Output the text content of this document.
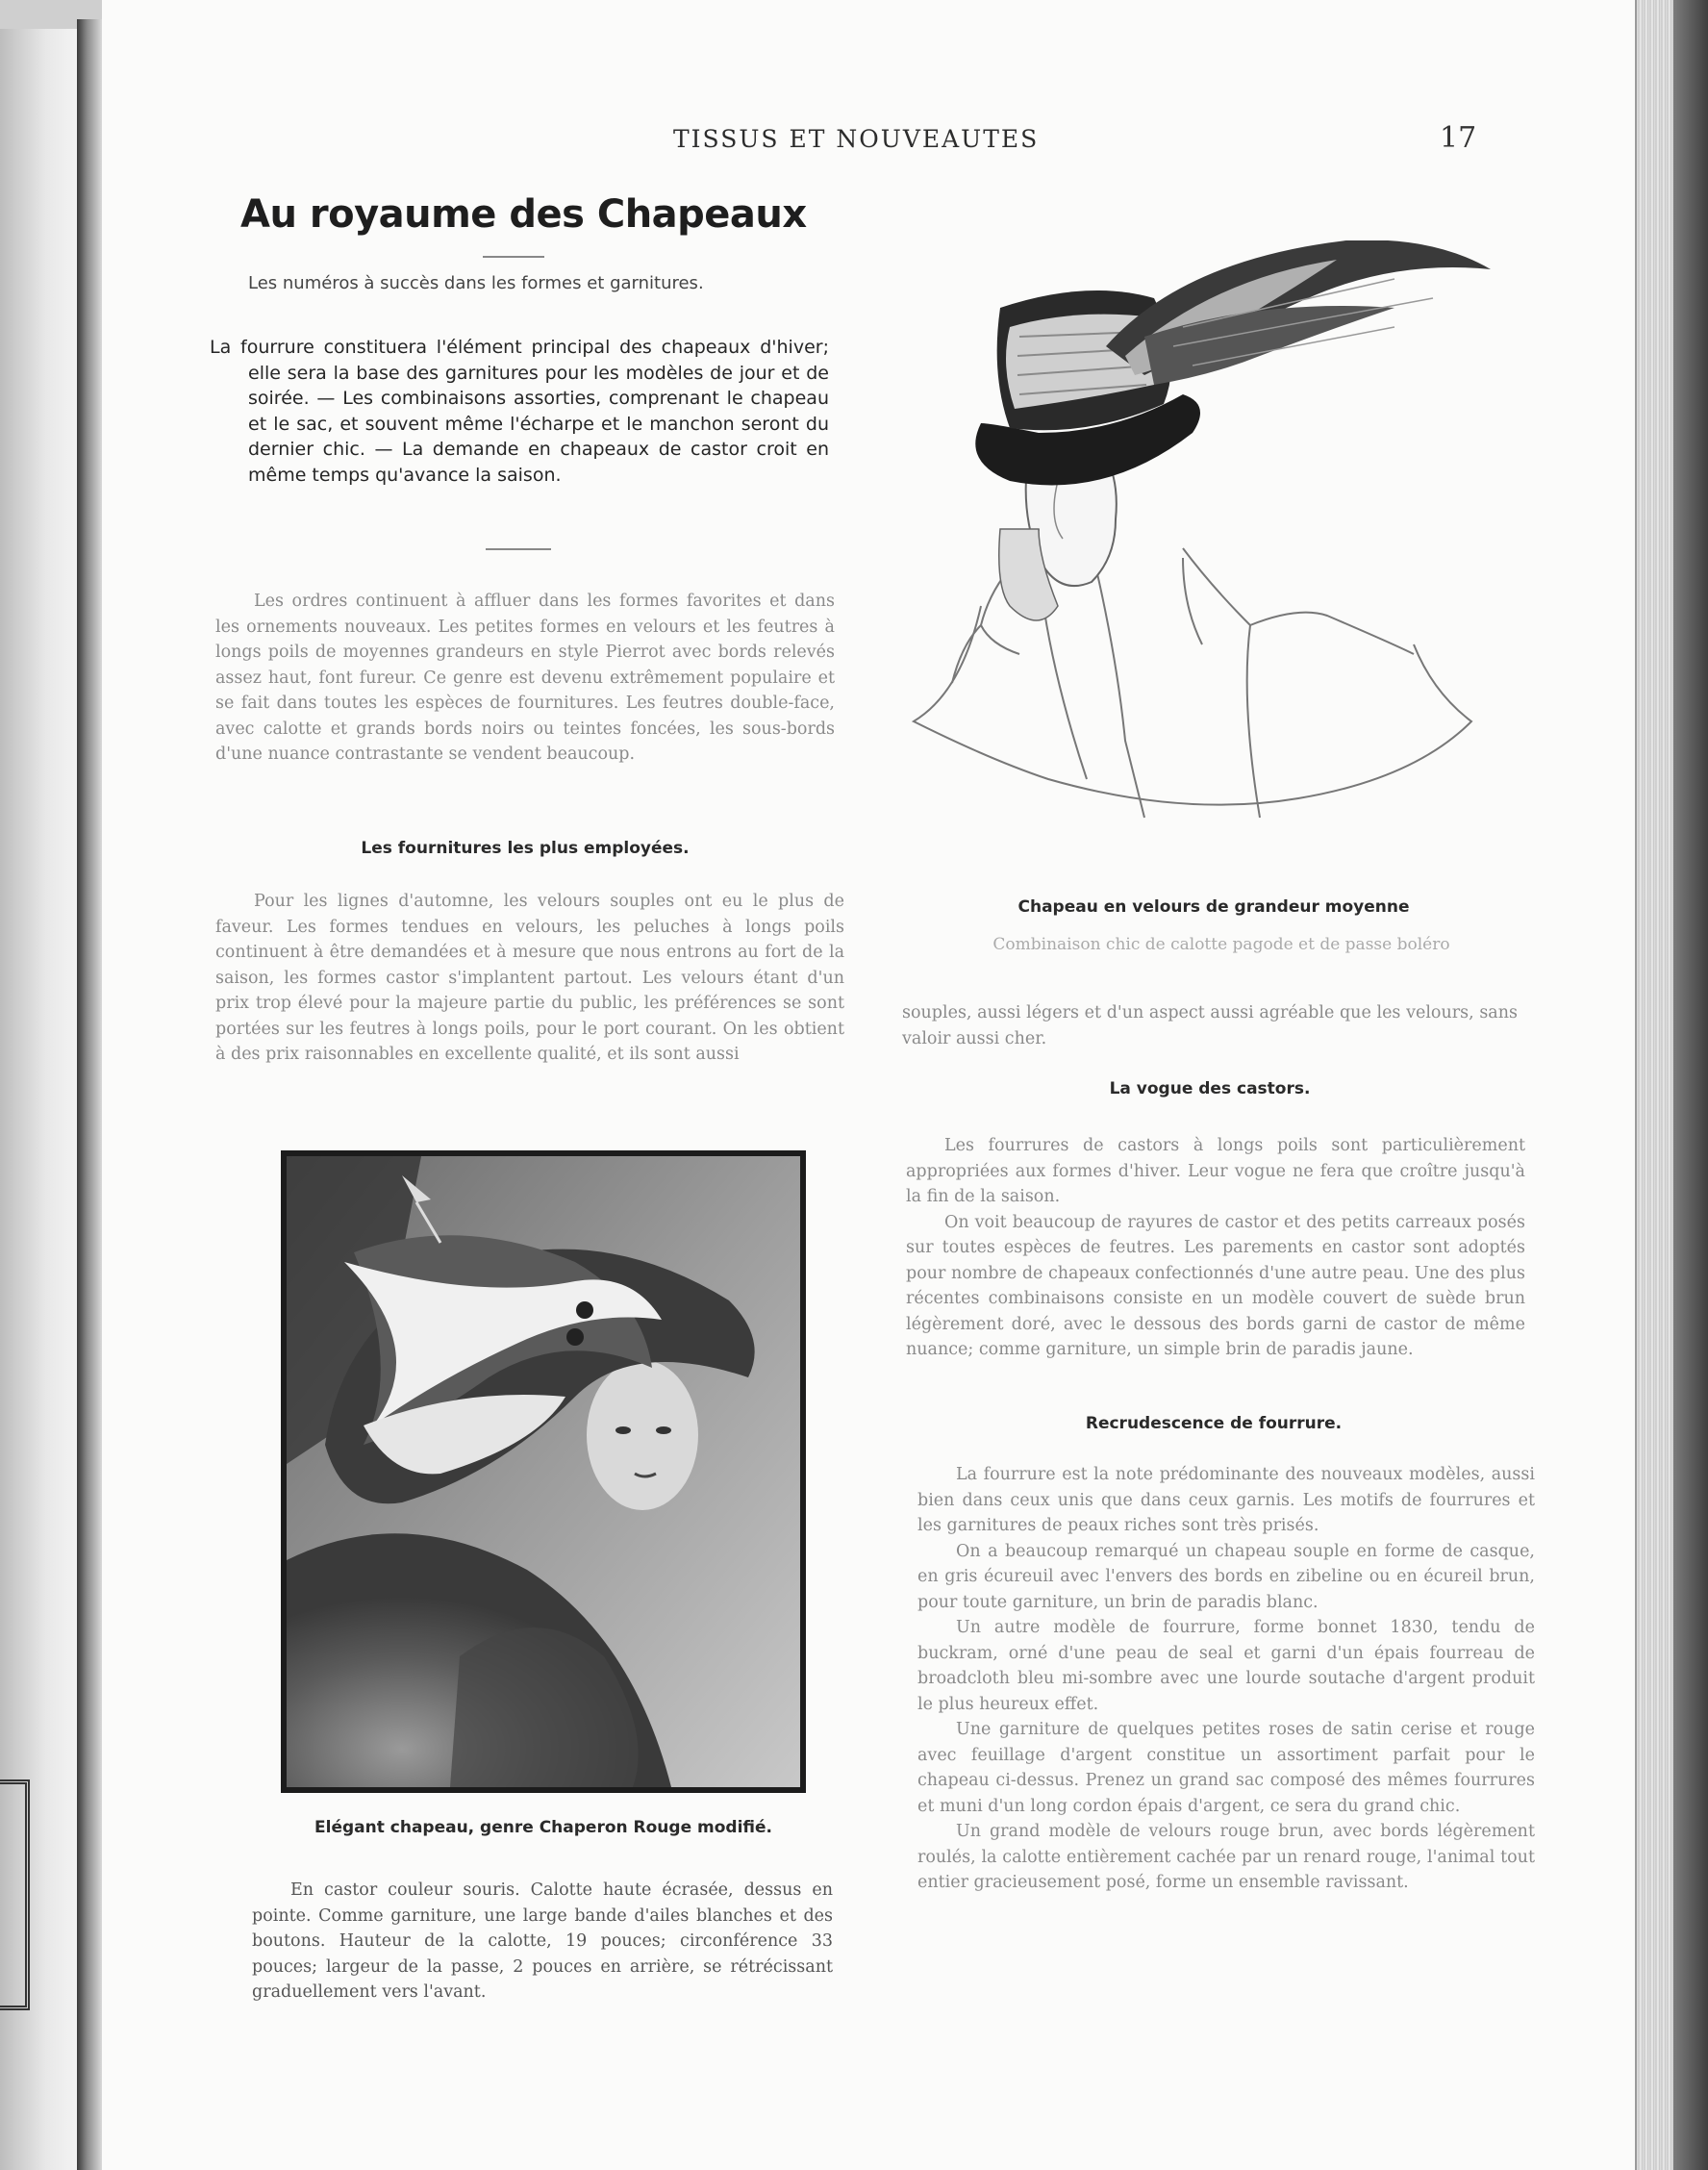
TISSUS ET NOUVEAUTES	17
Au royaume des Chapeaux
Les numéros à succès dans les formes et garnitures.
La fourrure constituera l'élément principal des chapeaux d'hiver; elle sera la base des garnitures pour les modèles de jour et de soirée. — Les combinaisons assorties, comprenant le chapeau et le sac, et souvent même l'écharpe et le manchon seront du dernier chic. — La demande en chapeaux de castor croit en même temps qu'avance la saison.

Les ordres continuent à affluer dans les formes favorites et dans les ornements nouveaux. Les petites formes en velours et les feutres à longs poils de moyennes grandeurs en style Pierrot avec bords relevés assez haut, font fureur. Ce genre est devenu extrêmement populaire et se fait dans toutes les espèces de fournitures. Les feutres double-face, avec calotte et grands bords noirs ou teintes foncées, les sous-bords d'une nuance contrastante se vendent beaucoup.

Les fournitures les plus employées.

Pour les lignes d'automne, les velours souples ont eu le plus de faveur. Les formes tendues en velours, les peluches à longs poils continuent à être demandées et à mesure que nous entrons au fort de la saison, les formes castor s'implantent partout. Les velours étant d'un prix trop élevé pour la majeure partie du public, les préférences se sont portées sur les feutres à longs poils, pour le port courant. On les obtient à des prix raisonnables en excellente qualité, et ils sont aussi

Elégant chapeau, genre Chaperon Rouge modifié.

En castor couleur souris. Calotte haute écrasée, dessus en pointe. Comme garniture, une large bande d'ailes blanches et des boutons. Hauteur de la calotte, 19 pouces; circonférence 33 pouces; largeur de la passe, 2 pouces en arrière, se rétrécissant graduellement vers l'avant.

Chapeau en velours de grandeur moyenne
Combinaison chic de calotte pagode et de passe boléro

souples, aussi légers et d'un aspect aussi agréable que les velours, sans valoir aussi cher.

La vogue des castors.

Les fourrures de castors à longs poils sont particulièrement appropriées aux formes d'hiver. Leur vogue ne fera que croître jusqu'à la fin de la saison.

On voit beaucoup de rayures de castor et des petits carreaux posés sur toutes espèces de feutres. Les parements en castor sont adoptés pour nombre de chapeaux confectionnés d'une autre peau. Une des plus récentes combinaisons consiste en un modèle couvert de suède brun légèrement doré, avec le dessous des bords garni de castor de même nuance; comme garniture, un simple brin de paradis jaune.

Recrudescence de fourrure.

La fourrure est la note prédominante des nouveaux modèles, aussi bien dans ceux unis que dans ceux garnis. Les motifs de fourrures et les garnitures de peaux riches sont très prisés.

On a beaucoup remarqué un chapeau souple en forme de casque, en gris écureuil avec l'envers des bords en zibeline ou en écureil brun, pour toute garniture, un brin de paradis blanc.

Un autre modèle de fourrure, forme bonnet 1830, tendu de buckram, orné d'une peau de seal et garni d'un épais fourreau de broadcloth bleu mi-sombre avec une lourde soutache d'argent produit le plus heureux effet.

Une garniture de quelques petites roses de satin cerise et rouge avec feuillage d'argent constitue un assortiment parfait pour le chapeau ci-dessus. Prenez un grand sac composé des mêmes fourrures et muni d'un long cordon épais d'argent, ce sera du grand chic.

Un grand modèle de velours rouge brun, avec bords légèrement roulés, la calotte entièrement cachée par un renard rouge, l'animal tout entier gracieusement posé, forme un ensemble ravissant.
